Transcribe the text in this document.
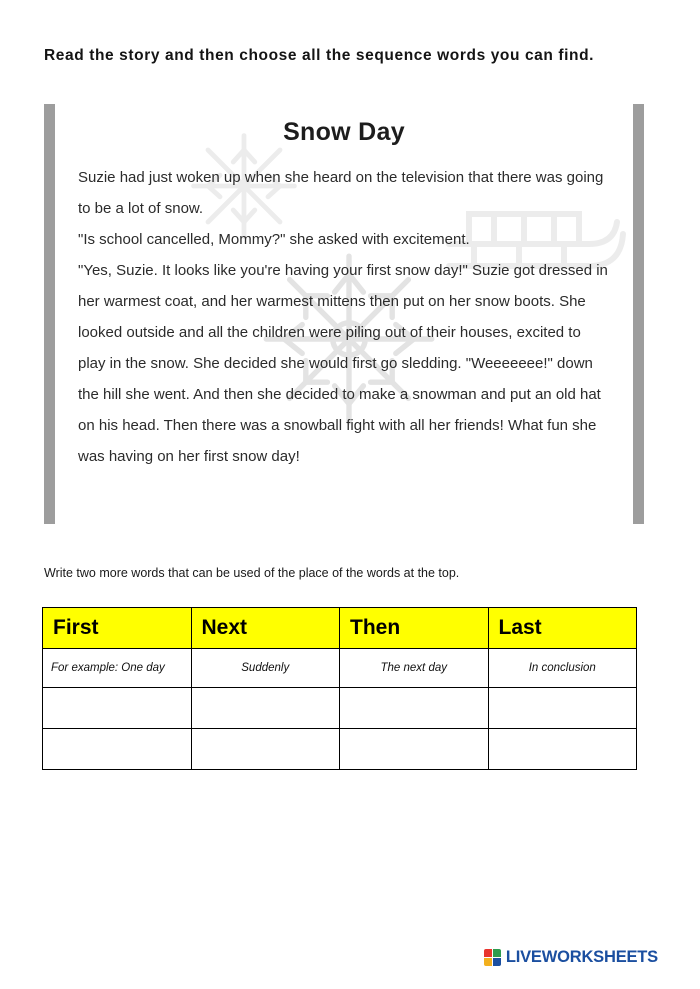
Read the story and then choose all the sequence words you can find.
Snow Day

Suzie had just woken up when she heard on the television that there was going to be a lot of snow.

"Is school cancelled, Mommy?" she asked with excitement.

"Yes, Suzie. It looks like you're having your first snow day!" Suzie got dressed in her warmest coat, and her warmest mittens then put on her snow boots. She looked outside and all the children were piling out of their houses, excited to play in the snow. She decided she would first go sledding. "Weeeeeee!" down the hill she went. And then she decided to make a snowman and put an old hat on his head. Then there was a snowball fight with all her friends! What fun she was having on her first snow day!

Write two more words that can be used of the place of the words at the top.
First	Next	Then	Last
For example: One day	Suddenly	The next day	In conclusion

LIVEWORKSHEETS
